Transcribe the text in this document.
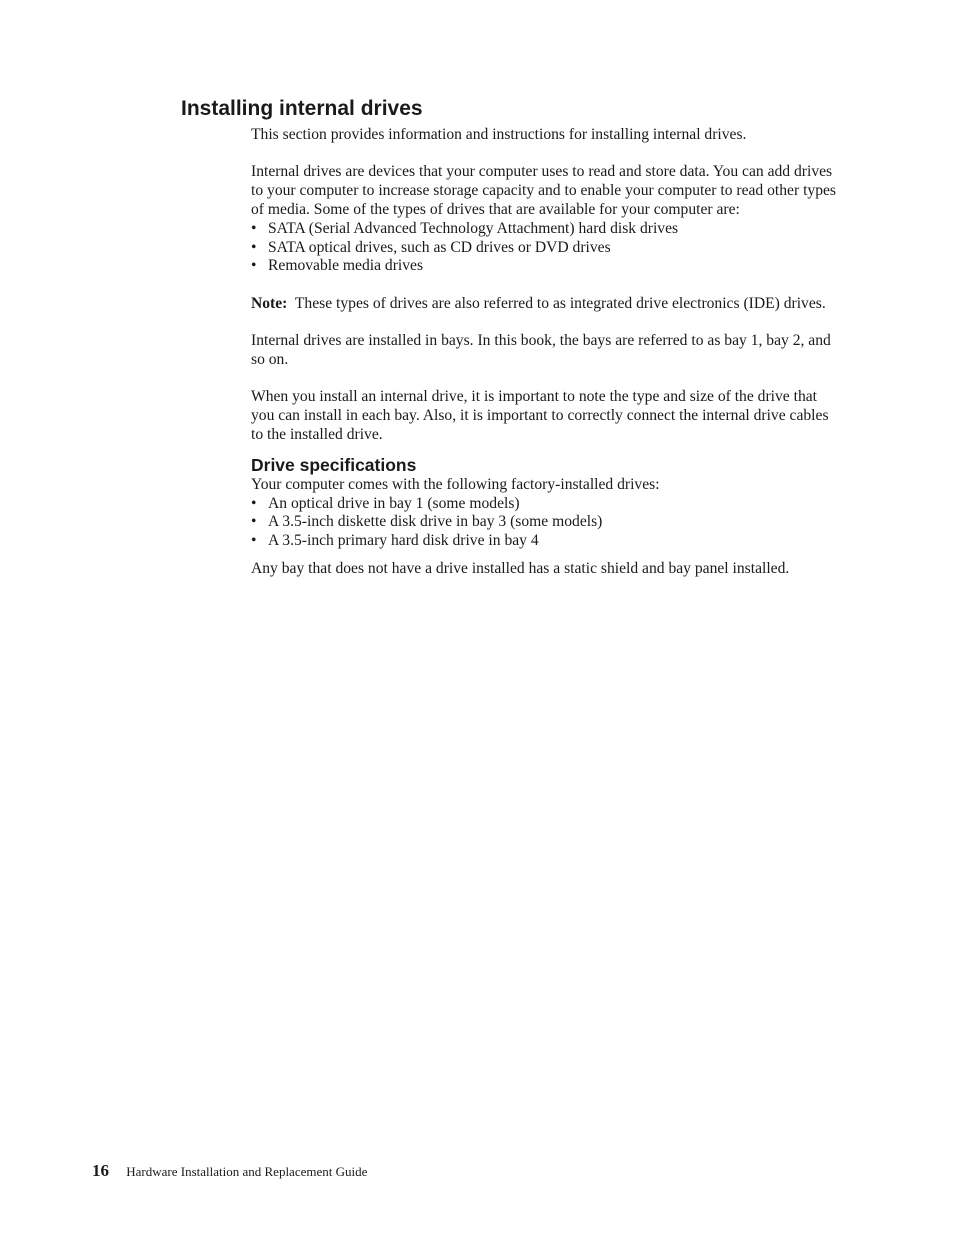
Installing internal drives

This section provides information and instructions for installing internal drives.

Internal drives are devices that your computer uses to read and store data. You can add drives to your computer to increase storage capacity and to enable your computer to read other types of media. Some of the types of drives that are available for your computer are:

• SATA (Serial Advanced Technology Attachment) hard disk drives
• SATA optical drives, such as CD drives or DVD drives
• Removable media drives

Note: These types of drives are also referred to as integrated drive electronics (IDE) drives.

Internal drives are installed in bays. In this book, the bays are referred to as bay 1, bay 2, and so on.

When you install an internal drive, it is important to note the type and size of the drive that you can install in each bay. Also, it is important to correctly connect the internal drive cables to the installed drive.

Drive specifications

Your computer comes with the following factory-installed drives:

• An optical drive in bay 1 (some models)
• A 3.5-inch diskette disk drive in bay 3 (some models)
• A 3.5-inch primary hard disk drive in bay 4

Any bay that does not have a drive installed has a static shield and bay panel installed.

16 Hardware Installation and Replacement Guide
